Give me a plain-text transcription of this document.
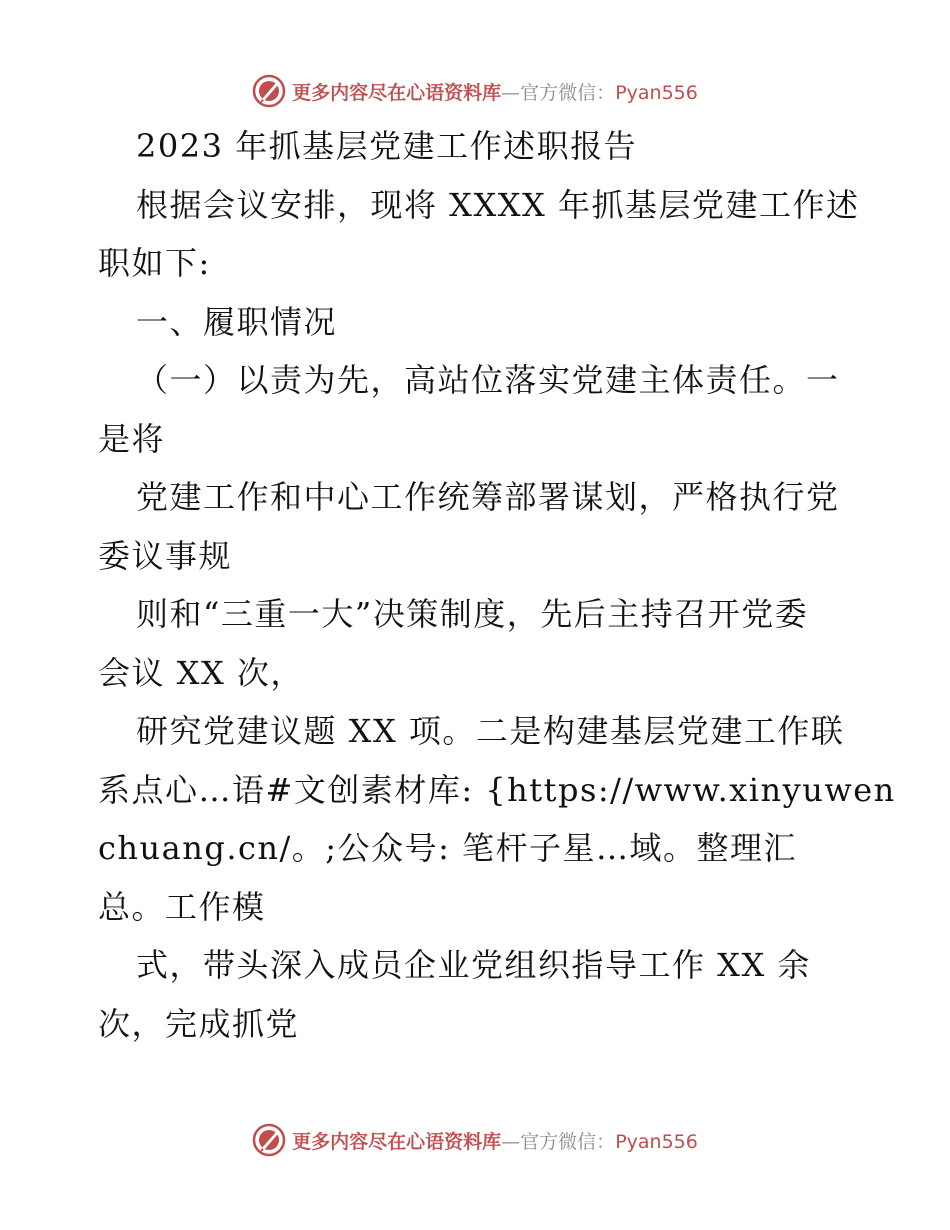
更多内容尽在心语资料库—官方微信：Pyan556
2023 年抓基层党建工作述职报告
根据会议安排，现将 XXXX 年抓基层党建工作述
职如下:
一、履职情况
（一）以责为先，高站位落实党建主体责任。一
是将
党建工作和中心工作统筹部署谋划，严格执行党
委议事规
则和“三重一大”决策制度，先后主持召开党委
会议 XX 次，
研究党建议题 XX 项。二是构建基层党建工作联
系点心…语#文创素材库: {https://www.xinyuwen
chuang.cn/。;公众号: 笔杆子星…域。整理汇
总。工作模
式，带头深入成员企业党组织指导工作 XX 余
次，完成抓党
更多内容尽在心语资料库—官方微信：Pyan556
